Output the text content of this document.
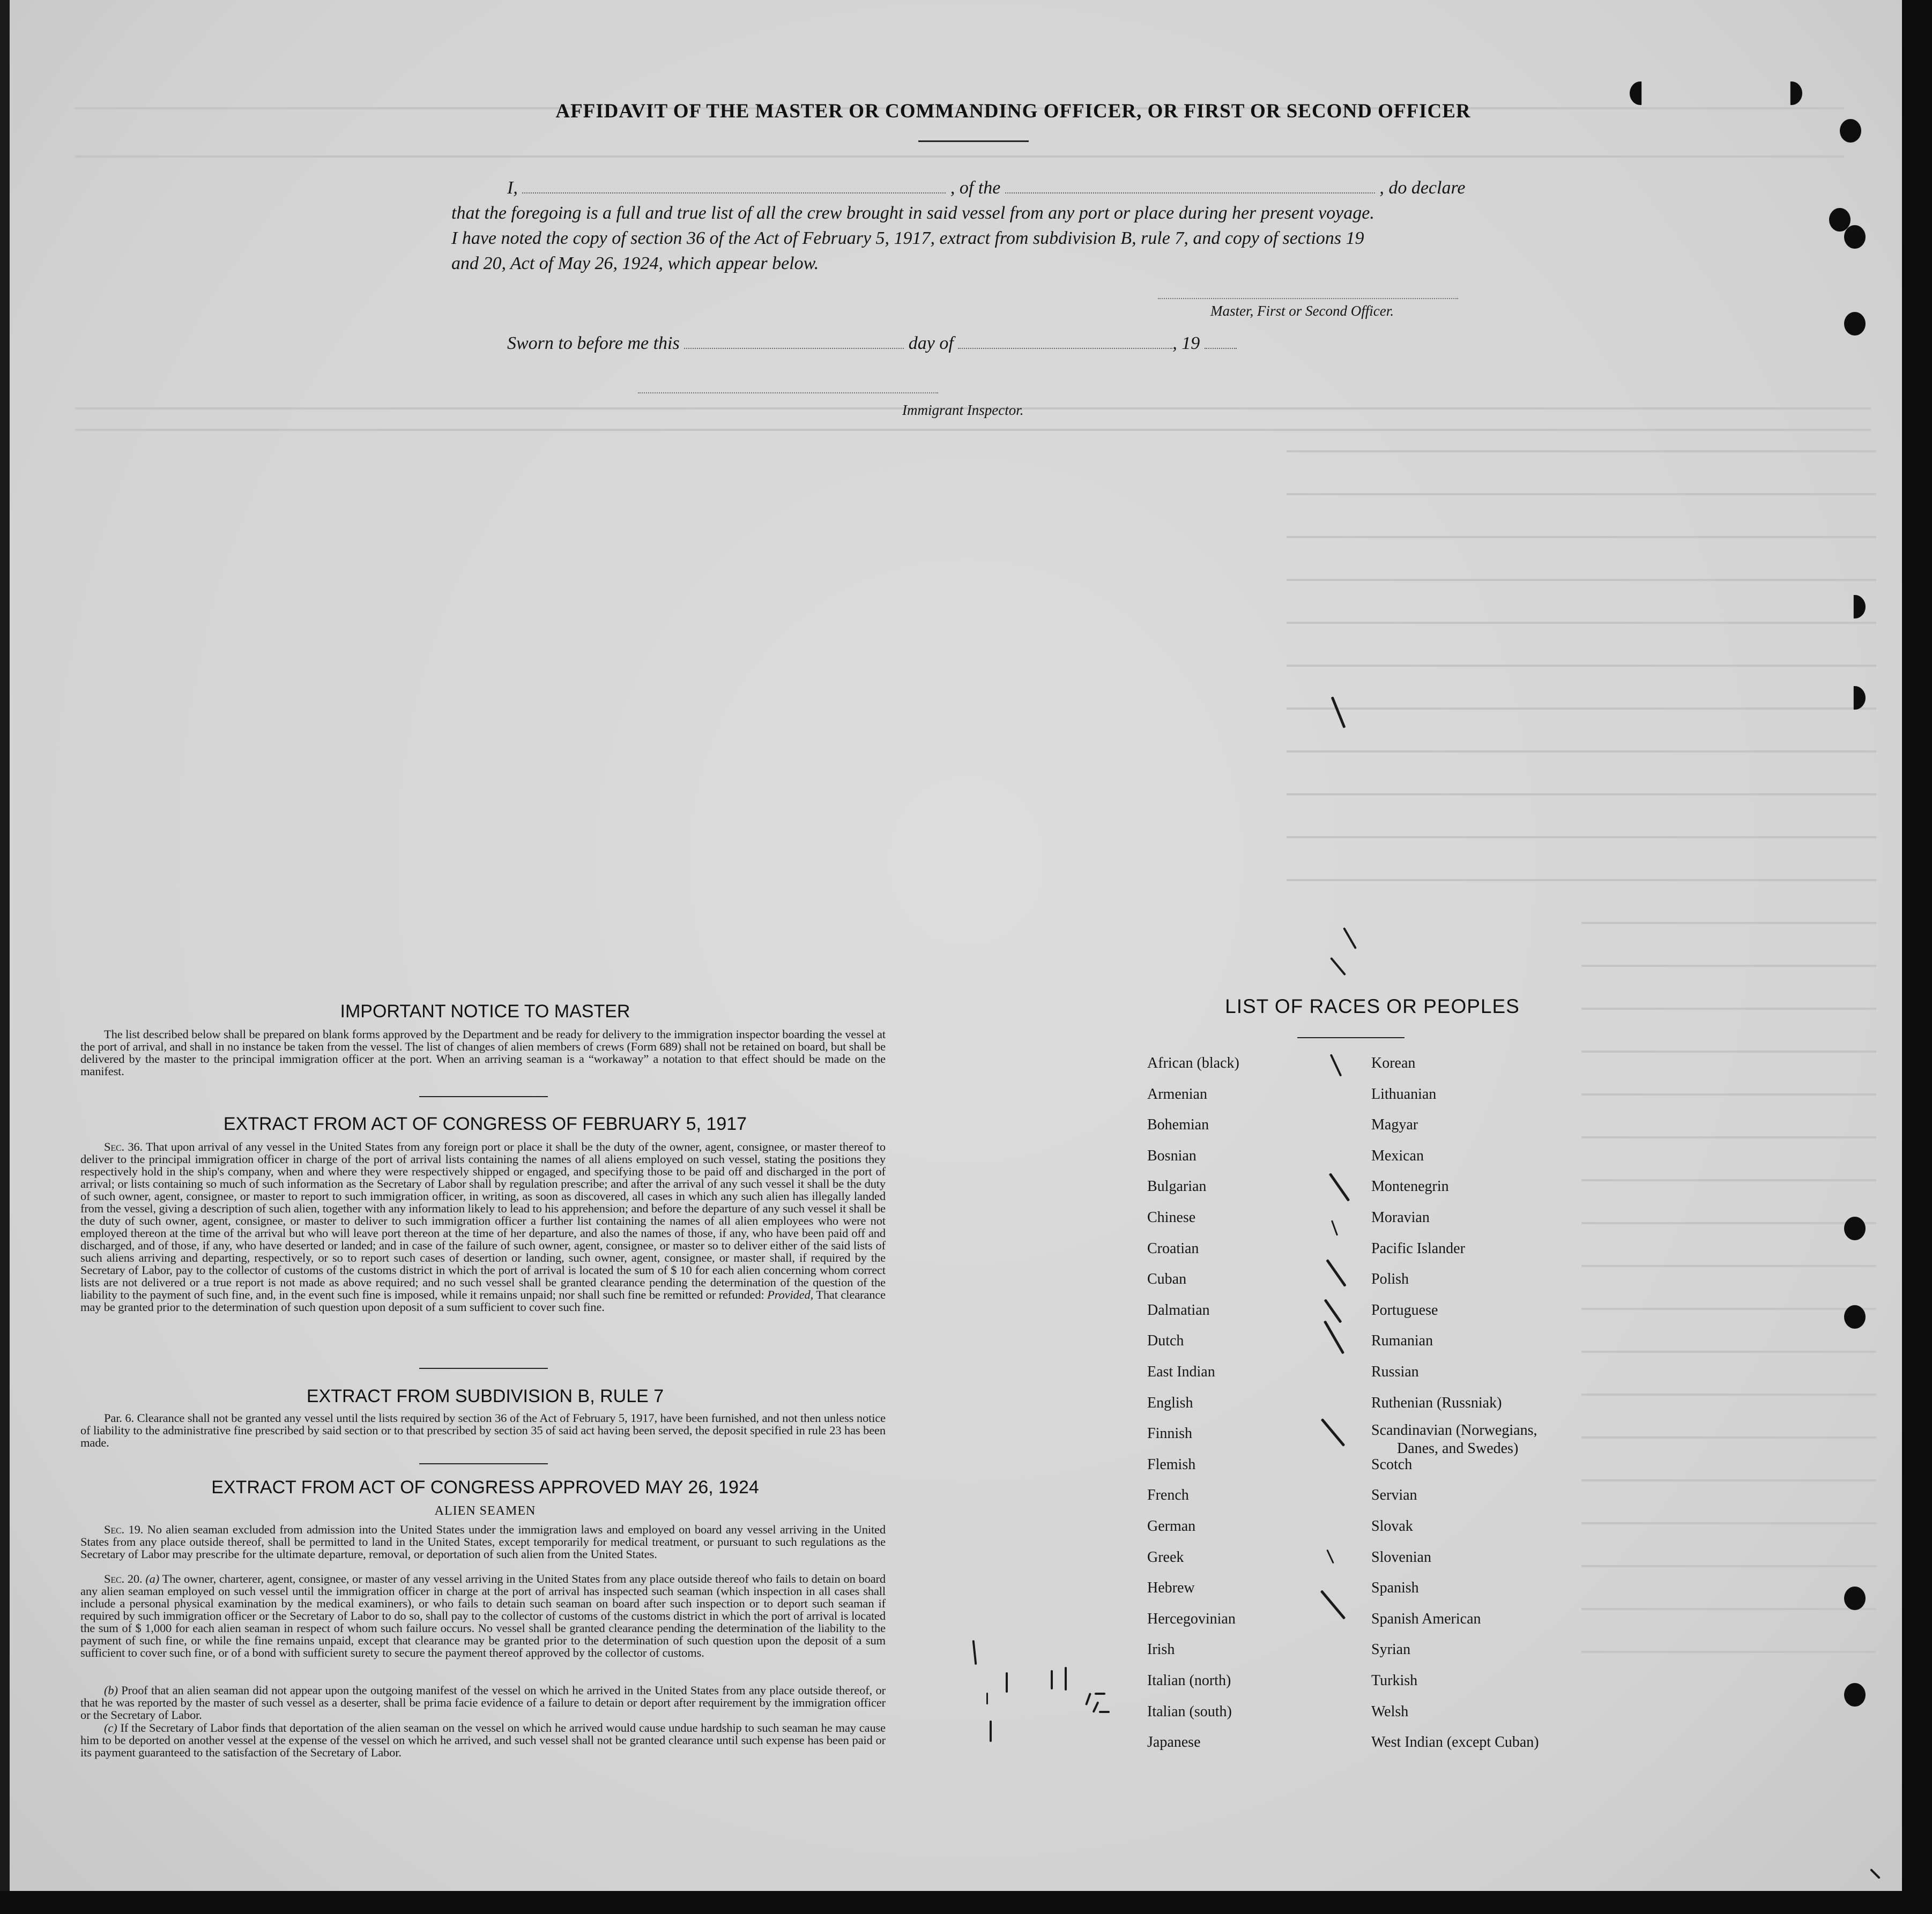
AFFIDAVIT OF THE MASTER OR COMMANDING OFFICER, OR FIRST OR SECOND OFFICER
I,	, of the	, do declare
that the foregoing is a full and true list of all the crew brought in said vessel from any port or place during her present voyage.
I have noted the copy of section 36 of the Act of February 5, 1917, extract from subdivision B, rule 7, and copy of sections 19
and 20, Act of May 26, 1924, which appear below.
Master, First or Second Officer.
Sworn to before me this	day of	, 19
Immigrant Inspector.
IMPORTANT NOTICE TO MASTER
The list described below shall be prepared on blank forms approved by the Department and be ready for delivery to the immigration inspector boarding the vessel at the port of arrival, and shall in no instance be taken from the vessel. The list of changes of alien members of crews (Form 689) shall not be retained on board, but shall be delivered by the master to the principal immigration officer at the port. When an arriving seaman is a “workaway” a notation to that effect should be made on the manifest.
EXTRACT FROM ACT OF CONGRESS OF FEBRUARY 5, 1917
Sec. 36. That upon arrival of any vessel in the United States from any foreign port or place it shall be the duty of the owner, agent, consignee, or master thereof to deliver to the principal immigration officer in charge of the port of arrival lists containing the names of all aliens employed on such vessel, stating the positions they respectively hold in the ship's company, when and where they were respectively shipped or engaged, and specifying those to be paid off and discharged in the port of arrival; or lists containing so much of such information as the Secretary of Labor shall by regulation prescribe; and after the arrival of any such vessel it shall be the duty of such owner, agent, consignee, or master to report to such immigration officer, in writing, as soon as discovered, all cases in which any such alien has illegally landed from the vessel, giving a description of such alien, together with any information likely to lead to his apprehension; and before the departure of any such vessel it shall be the duty of such owner, agent, consignee, or master to deliver to such immigration officer a further list containing the names of all alien employees who were not employed thereon at the time of the arrival but who will leave port thereon at the time of her departure, and also the names of those, if any, who have been paid off and discharged, and of those, if any, who have deserted or landed; and in case of the failure of such owner, agent, consignee, or master so to deliver either of the said lists of such aliens arriving and departing, respectively, or so to report such cases of desertion or landing, such owner, agent, consignee, or master shall, if required by the Secretary of Labor, pay to the collector of customs of the customs district in which the port of arrival is located the sum of $ 10 for each alien concerning whom correct lists are not delivered or a true report is not made as above required; and no such vessel shall be granted clearance pending the determination of the question of the liability to the payment of such fine, and, in the event such fine is imposed, while it remains unpaid; nor shall such fine be remitted or refunded: Provided, That clearance may be granted prior to the determination of such question upon deposit of a sum sufficient to cover such fine.
EXTRACT FROM SUBDIVISION B, RULE 7
Par. 6. Clearance shall not be granted any vessel until the lists required by section 36 of the Act of February 5, 1917, have been furnished, and not then unless notice of liability to the administrative fine prescribed by said section or to that prescribed by section 35 of said act having been served, the deposit specified in rule 23 has been made.
EXTRACT FROM ACT OF CONGRESS APPROVED MAY 26, 1924
ALIEN SEAMEN
Sec. 19. No alien seaman excluded from admission into the United States under the immigration laws and employed on board any vessel arriving in the United States from any place outside thereof, shall be permitted to land in the United States, except temporarily for medical treatment, or pursuant to such regulations as the Secretary of Labor may prescribe for the ultimate departure, removal, or deportation of such alien from the United States.
Sec. 20. (a) The owner, charterer, agent, consignee, or master of any vessel arriving in the United States from any place outside thereof who fails to detain on board any alien seaman employed on such vessel until the immigration officer in charge at the port of arrival has inspected such seaman (which inspection in all cases shall include a personal physical examination by the medical examiners), or who fails to detain such seaman on board after such inspection or to deport such seaman if required by such immigration officer or the Secretary of Labor to do so, shall pay to the collector of customs of the customs district in which the port of arrival is located the sum of $ 1,000 for each alien seaman in respect of whom such failure occurs. No vessel shall be granted clearance pending the determination of the liability to the payment of such fine, or while the fine remains unpaid, except that clearance may be granted prior to the determination of such question upon the deposit of a sum sufficient to cover such fine, or of a bond with sufficient surety to secure the payment thereof approved by the collector of customs.
(b) Proof that an alien seaman did not appear upon the outgoing manifest of the vessel on which he arrived in the United States from any place outside thereof, or that he was reported by the master of such vessel as a deserter, shall be prima facie evidence of a failure to detain or deport after requirement by the immigration officer or the Secretary of Labor.
(c) If the Secretary of Labor finds that deportation of the alien seaman on the vessel on which he arrived would cause undue hardship to such seaman he may cause him to be deported on another vessel at the expense of the vessel on which he arrived, and such vessel shall not be granted clearance until such expense has been paid or its payment guaranteed to the satisfaction of the Secretary of Labor.
LIST OF RACES OR PEOPLES
African (black)
Armenian
Bohemian
Bosnian
Bulgarian
Chinese
Croatian
Cuban
Dalmatian
Dutch
East Indian
English
Finnish
Flemish
French
German
Greek
Hebrew
Hercegovinian
Irish
Italian (north)
Italian (south)
Japanese
Korean
Lithuanian
Magyar
Mexican
Montenegrin
Moravian
Pacific Islander
Polish
Portuguese
Rumanian
Russian
Ruthenian (Russniak)
Scandinavian (Norwegians,
Scotch
Servian
Slovak
Slovenian
Spanish
Spanish American
Syrian
Turkish
Welsh
West Indian (except Cuban)
Danes, and Swedes)
